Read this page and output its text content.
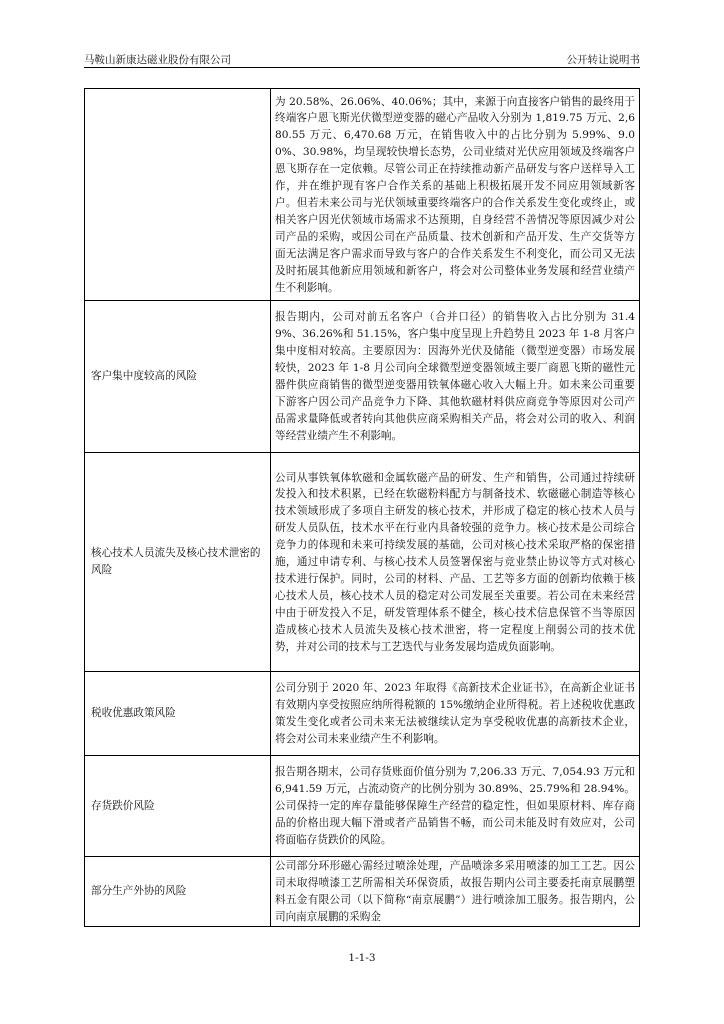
马鞍山新康达磁业股份有限公司	公开转让说明书
	为 20.58%、26.06%、40.06%；其中，来源于向直接客户销售的最终用于终端客户恩飞斯光伏微型逆变器的磁心产品收入分别为 1,819.75 万元、2,680.55 万元、6,470.68 万元，在销售收入中的占比分别为 5.99%、9.00%、30.98%，均呈现较快增长态势，公司业绩对光伏应用领域及终端客户恩飞斯存在一定依赖。尽管公司正在持续推动新产品研发与客户送样导入工作，并在维护现有客户合作关系的基础上积极拓展开发不同应用领域新客户。但若未来公司与光伏领域重要终端客户的合作关系发生变化或终止，或相关客户因光伏领域市场需求不达预期，自身经营不善情况等原因减少对公司产品的采购，或因公司在产品质量、技术创新和产品开发、生产交货等方面无法满足客户需求而导致与客户的合作关系发生不利变化，而公司又无法及时拓展其他新应用领域和新客户，将会对公司整体业务发展和经营业绩产生不利影响。
客户集中度较高的风险	报告期内，公司对前五名客户（合并口径）的销售收入占比分别为 31.49%、36.26%和 51.15%，客户集中度呈现上升趋势且 2023 年 1-8 月客户集中度相对较高。主要原因为：因海外光伏及储能（微型逆变器）市场发展较快，2023 年 1-8 月公司向全球微型逆变器领域主要厂商恩飞斯的磁性元器件供应商销售的微型逆变器用铁氧体磁心收入大幅上升。如未来公司重要下游客户因公司产品竞争力下降、其他软磁材料供应商竞争等原因对公司产品需求量降低或者转向其他供应商采购相关产品，将会对公司的收入、利润等经营业绩产生不利影响。
核心技术人员流失及核心技术泄密的风险	公司从事铁氧体软磁和金属软磁产品的研发、生产和销售，公司通过持续研发投入和技术积累，已经在软磁粉料配方与制备技术、软磁磁心制造等核心技术领域形成了多项自主研发的核心技术，并形成了稳定的核心技术人员与研发人员队伍，技术水平在行业内具备较强的竞争力。核心技术是公司综合竞争力的体现和未来可持续发展的基础，公司对核心技术采取严格的保密措施，通过申请专利、与核心技术人员签署保密与竞业禁止协议等方式对核心技术进行保护。同时，公司的材料、产品、工艺等多方面的创新均依赖于核心技术人员，核心技术人员的稳定对公司发展至关重要。若公司在未来经营中由于研发投入不足，研发管理体系不健全，核心技术信息保管不当等原因造成核心技术人员流失及核心技术泄密，将一定程度上削弱公司的技术优势，并对公司的技术与工艺迭代与业务发展均造成负面影响。
税收优惠政策风险	公司分别于 2020 年、2023 年取得《高新技术企业证书》，在高新企业证书有效期内享受按照应纳所得税额的 15%缴纳企业所得税。若上述税收优惠政策发生变化或者公司未来无法被继续认定为享受税收优惠的高新技术企业，将会对公司未来业绩产生不利影响。
存货跌价风险	报告期各期末，公司存货账面价值分别为 7,206.33 万元、7,054.93 万元和 6,941.59 万元，占流动资产的比例分别为 30.89%、25.79%和 28.94%。公司保持一定的库存量能够保障生产经营的稳定性，但如果原材料、库存商品的价格出现大幅下滑或者产品销售不畅，而公司未能及时有效应对，公司将面临存货跌价的风险。
部分生产外协的风险	公司部分环形磁心需经过喷涂处理，产品喷涂多采用喷漆的加工工艺。因公司未取得喷漆工艺所需相关环保资质，故报告期内公司主要委托南京展鹏塑料五金有限公司（以下简称“南京展鹏”）进行喷涂加工服务。报告期内，公司向南京展鹏的采购金
1-1-3
